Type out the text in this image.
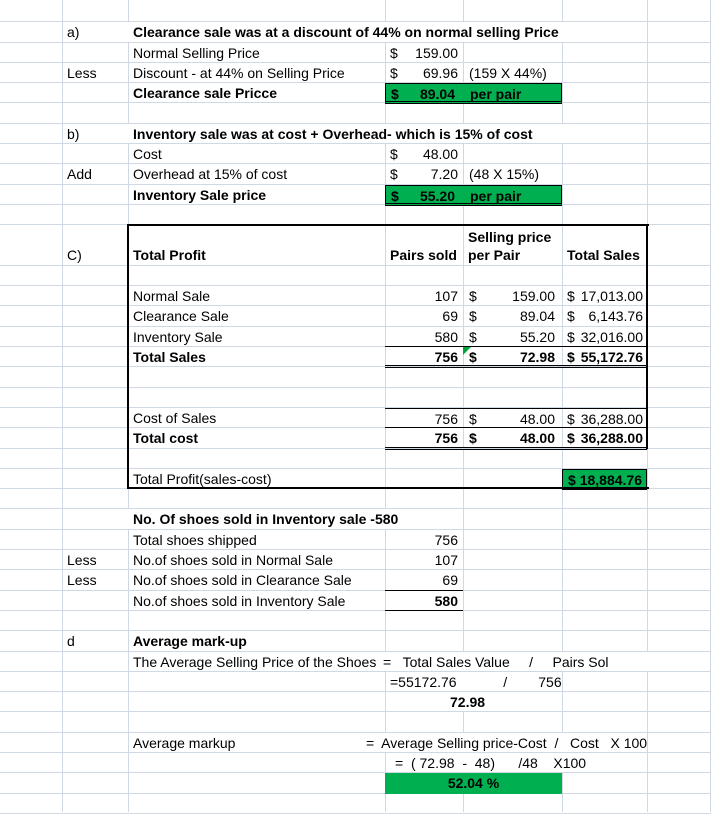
a)	Clearance sale was at a discount of 44% on normal selling Price
Normal Selling Price	$ 159.00
Less	Discount - at 44% on Selling Price	$ 69.96 (159 X 44%)
Clearance sale Pricce	$ 89.04 per pair
b)	Inventory sale was at cost + Overhead- which is 15% of cost
Cost	$ 48.00
Add	Overhead at 15% of cost	$ 7.20 (48 X 15%)
Inventory Sale price	$ 55.20 per pair
C)	Total Profit	Pairs sold
Selling price
per Pair	Total Sales
Normal Sale	107 $	159.00 $ 17,013.00
Clearance Sale	69 $	89.04 $ 6,143.76
Inventory Sale	580 $	55.20 $ 32,016.00
Total Sales	756 $	72.98 $ 55,172.76
Cost of Sales	756 $	48.00 $ 36,288.00
Total cost	756 $	48.00 $ 36,288.00
Total Profit(sales-cost)	$ 18,884.76
No. Of shoes sold in Inventory sale -580
Total shoes shipped	756
Less	No.of shoes sold in Normal Sale	107
Less	No.of shoes sold in Clearance Sale	69
No.of shoes sold in Inventory Sale	580
d	Average mark-up
The Average Selling Price of the Shoes =   Total Sales Value     /     Pairs Sol
=55172.76            /        756
72.98
Average markup	=  Average Selling price-Cost  /   Cost   X 100
=  ( 72.98  -  48)      /48    X100
52.04 %
